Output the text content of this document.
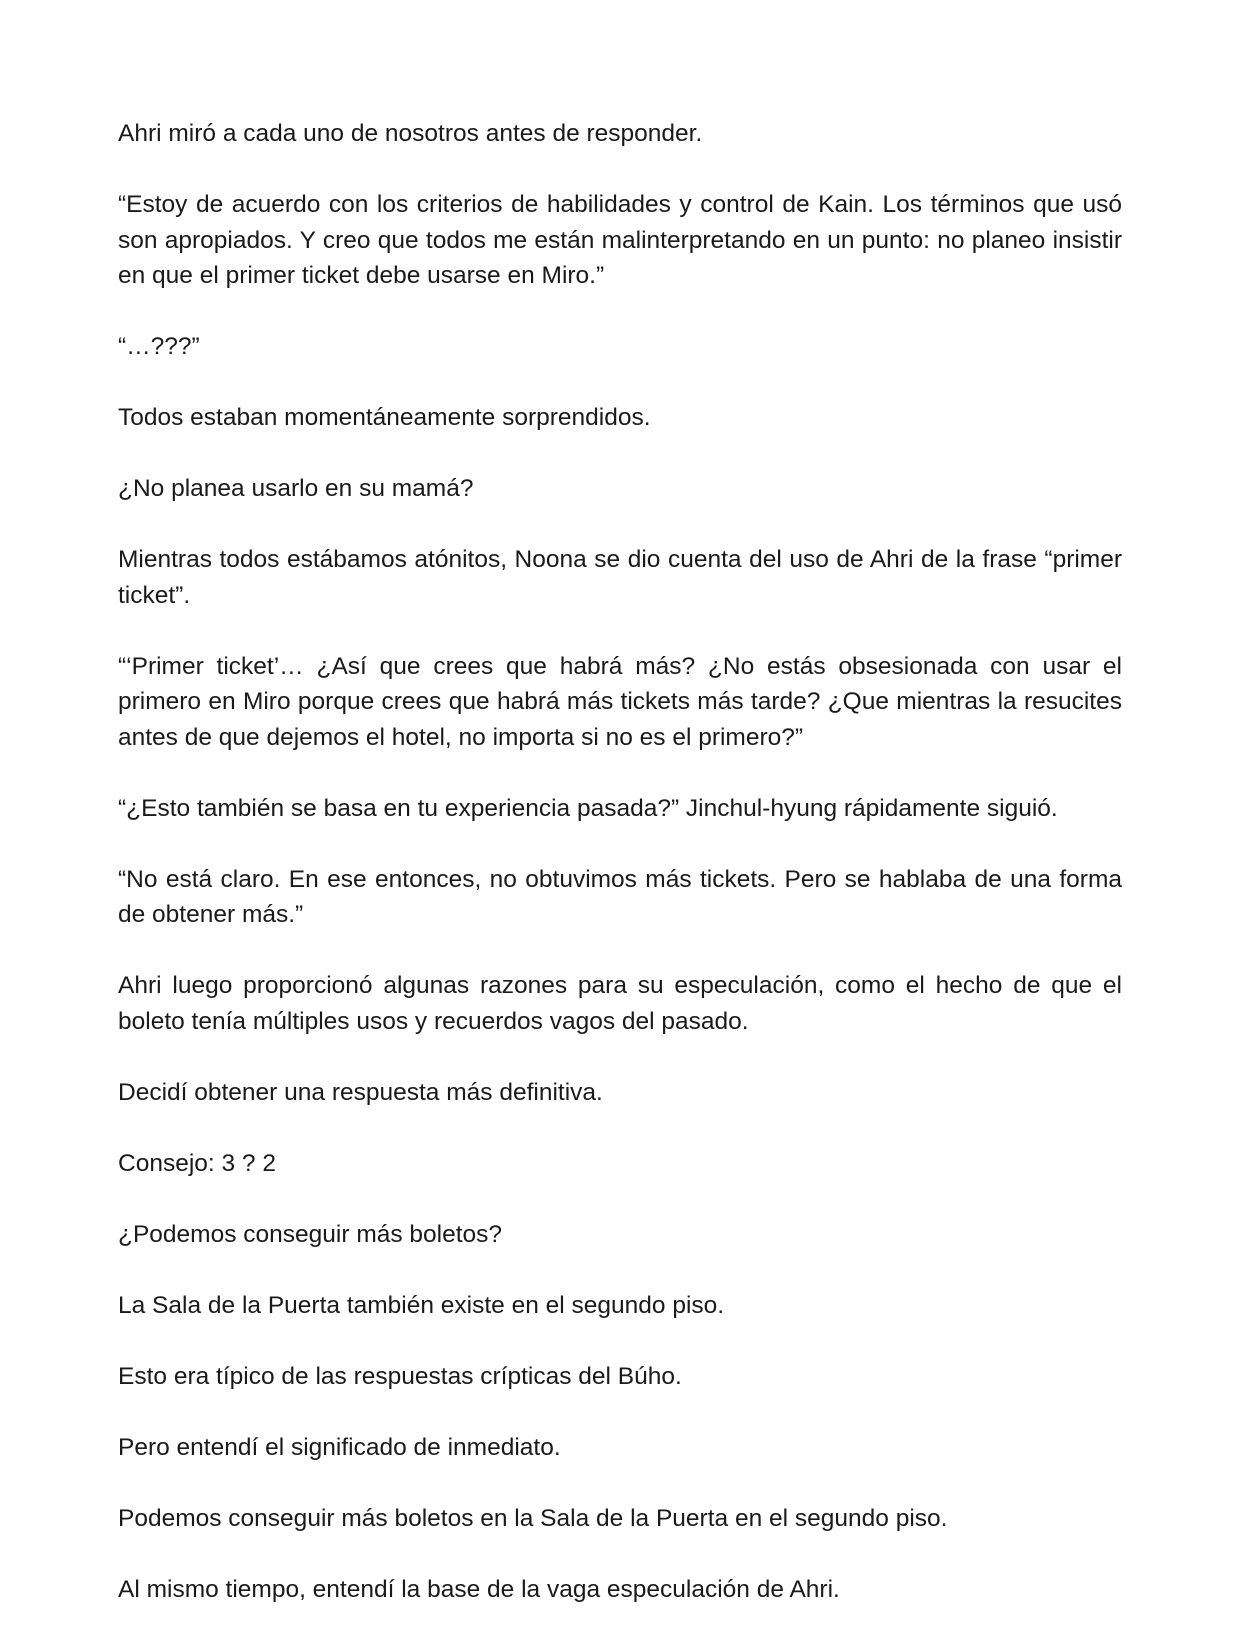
Ahri miró a cada uno de nosotros antes de responder.

“Estoy de acuerdo con los criterios de habilidades y control de Kain. Los términos que usó son apropiados. Y creo que todos me están malinterpretando en un punto: no planeo insistir en que el primer ticket debe usarse en Miro.”

“…???”

Todos estaban momentáneamente sorprendidos.

¿No planea usarlo en su mamá?

Mientras todos estábamos atónitos, Noona se dio cuenta del uso de Ahri de la frase “primer ticket”.

“‘Primer ticket’… ¿Así que crees que habrá más? ¿No estás obsesionada con usar el primero en Miro porque crees que habrá más tickets más tarde? ¿Que mientras la resucites antes de que dejemos el hotel, no importa si no es el primero?”

“¿Esto también se basa en tu experiencia pasada?” Jinchul-hyung rápidamente siguió.

“No está claro. En ese entonces, no obtuvimos más tickets. Pero se hablaba de una forma de obtener más.”

Ahri luego proporcionó algunas razones para su especulación, como el hecho de que el boleto tenía múltiples usos y recuerdos vagos del pasado.

Decidí obtener una respuesta más definitiva.

Consejo: 3 ? 2

¿Podemos conseguir más boletos?

La Sala de la Puerta también existe en el segundo piso.

Esto era típico de las respuestas crípticas del Búho.

Pero entendí el significado de inmediato.

Podemos conseguir más boletos en la Sala de la Puerta en el segundo piso.

Al mismo tiempo, entendí la base de la vaga especulación de Ahri.
